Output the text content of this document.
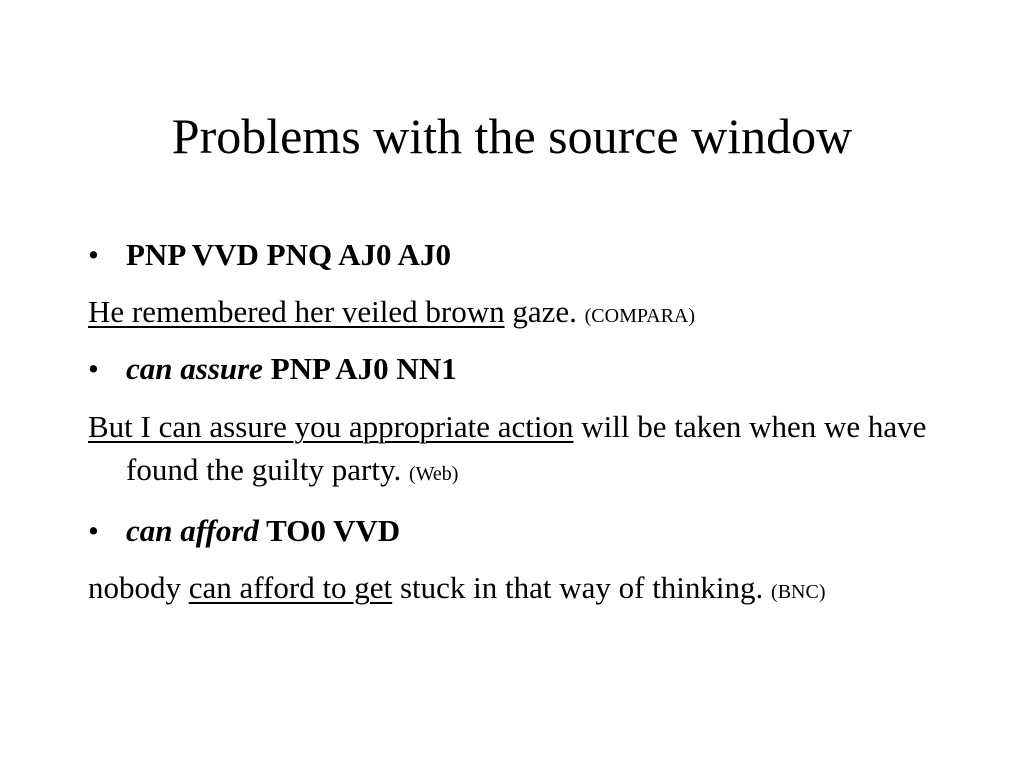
Problems with the source window
• PNP VVD PNQ AJ0 AJ0
He remembered her veiled brown gaze. (COMPARA)
• can assure PNP AJ0 NN1
But I can assure you appropriate action will be taken when we have found the guilty party. (Web)
• can afford TO0 VVD
nobody can afford to get stuck in that way of thinking. (BNC)
